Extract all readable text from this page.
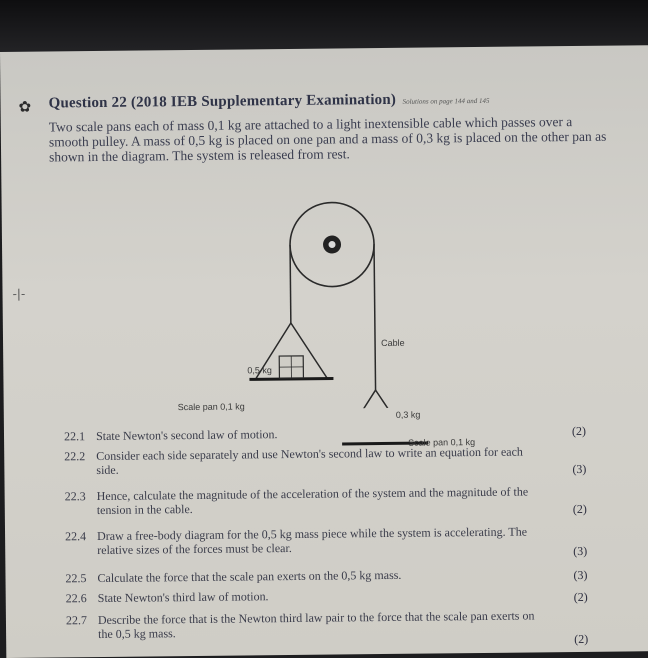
✿
-|-
Question 22 (2018 IEB Supplementary Examination) Solutions on page 144 and 145
Two scale pans each of mass 0,1 kg are attached to a light inextensible cable which passes over a smooth pulley. A mass of 0,5 kg is placed on one pan and a mass of 0,3 kg is placed on the other pan as shown in the diagram. The system is released from rest.
Cable
0,5 kg
Scale pan 0,1 kg
0,3 kg
Scale pan 0,1 kg
22.1 State Newton's second law of motion.	(2)
22.2 Consider each side separately and use Newton's second law to write an equation for each side.	(3)
22.3 Hence, calculate the magnitude of the acceleration of the system and the magnitude of the tension in the cable.	(2)
22.4 Draw a free-body diagram for the 0,5 kg mass piece while the system is accelerating. The relative sizes of the forces must be clear.	(3)
22.5 Calculate the force that the scale pan exerts on the 0,5 kg mass.	(3)
22.6 State Newton's third law of motion.	(2)
22.7 Describe the force that is the Newton third law pair to the force that the scale pan exerts on the 0,5 kg mass.	(2)
